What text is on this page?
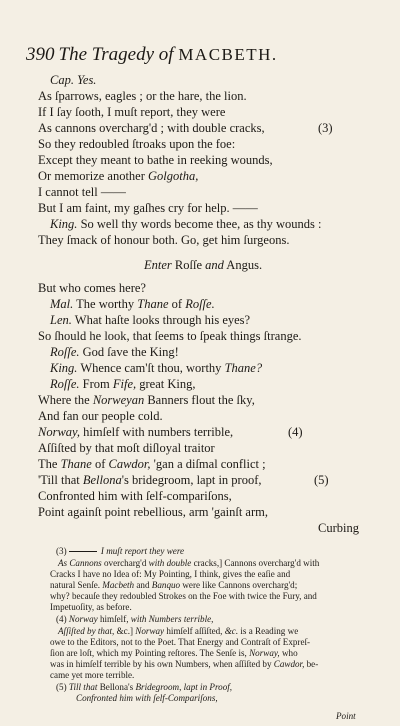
390 The Tragedy of MACBETH.
Cap. Yes.
As ſparrows, eagles ; or the hare, the lion.
If I ſay ſooth, I muſt report, they were
As cannons overcharg'd ; with double cracks,	(3)
So they redoubled ſtroaks upon the foe:
Except they meant to bathe in reeking wounds,
Or memorize another Golgotha,
I cannot tell ——
But I am faint, my gaſhes cry for help. ——
King. So well thy words become thee, as thy wounds :
They ſmack of honour both. Go, get him ſurgeons.
Enter Roſſe and Angus.
But who comes here?
Mal. The worthy Thane of Roſſe.
Len. What haſte looks through his eyes?
So ſhould he look, that ſeems to ſpeak things ſtrange.
Roſſe. God ſave the King!
King. Whence cam'ſt thou, worthy Thane?
Roſſe. From Fife, great King,
Where the Norweyan Banners flout the ſky,
And fan our people cold.
Norway, himſelf with numbers terrible,	(4)
Aſſiſted by that moſt diſloyal traitor
The Thane of Cawdor, 'gan a diſmal conflict ;
'Till that Bellona's bridegroom, lapt in proof,	(5)
Confronted him with ſelf-compariſons,
Point againſt point rebellious, arm 'gainſt arm,
Curbing
(3)	I muſt report they were
As Cannons overcharg'd with double cracks,] Cannons overcharg'd with
Cracks I have no Idea of: My Pointing, I think, gives the eaſie and
natural Senſe. Macbeth and Banquo were like Cannons overcharg'd;
why? becauſe they redoubled Strokes on the Foe with twice the Fury, and
Impetuoſity, as before.
(4) Norway himſelf, with Numbers terrible,
Aſſiſted by that, &c.] Norway himſelf aſſiſted, &c. is a Reading we
owe to the Editors, not to the Poet. That Energy and Contraſt of Expreſ-
ſion are loſt, which my Pointing reſtores. The Senſe is, Norway, who
was in himſelf terrible by his own Numbers, when aſſiſted by Cawdor, be-
came yet more terrible.
(5) Till that Bellona's Bridegroom, lapt in Proof,
Confronted him with ſelf-Compariſons,
Point
